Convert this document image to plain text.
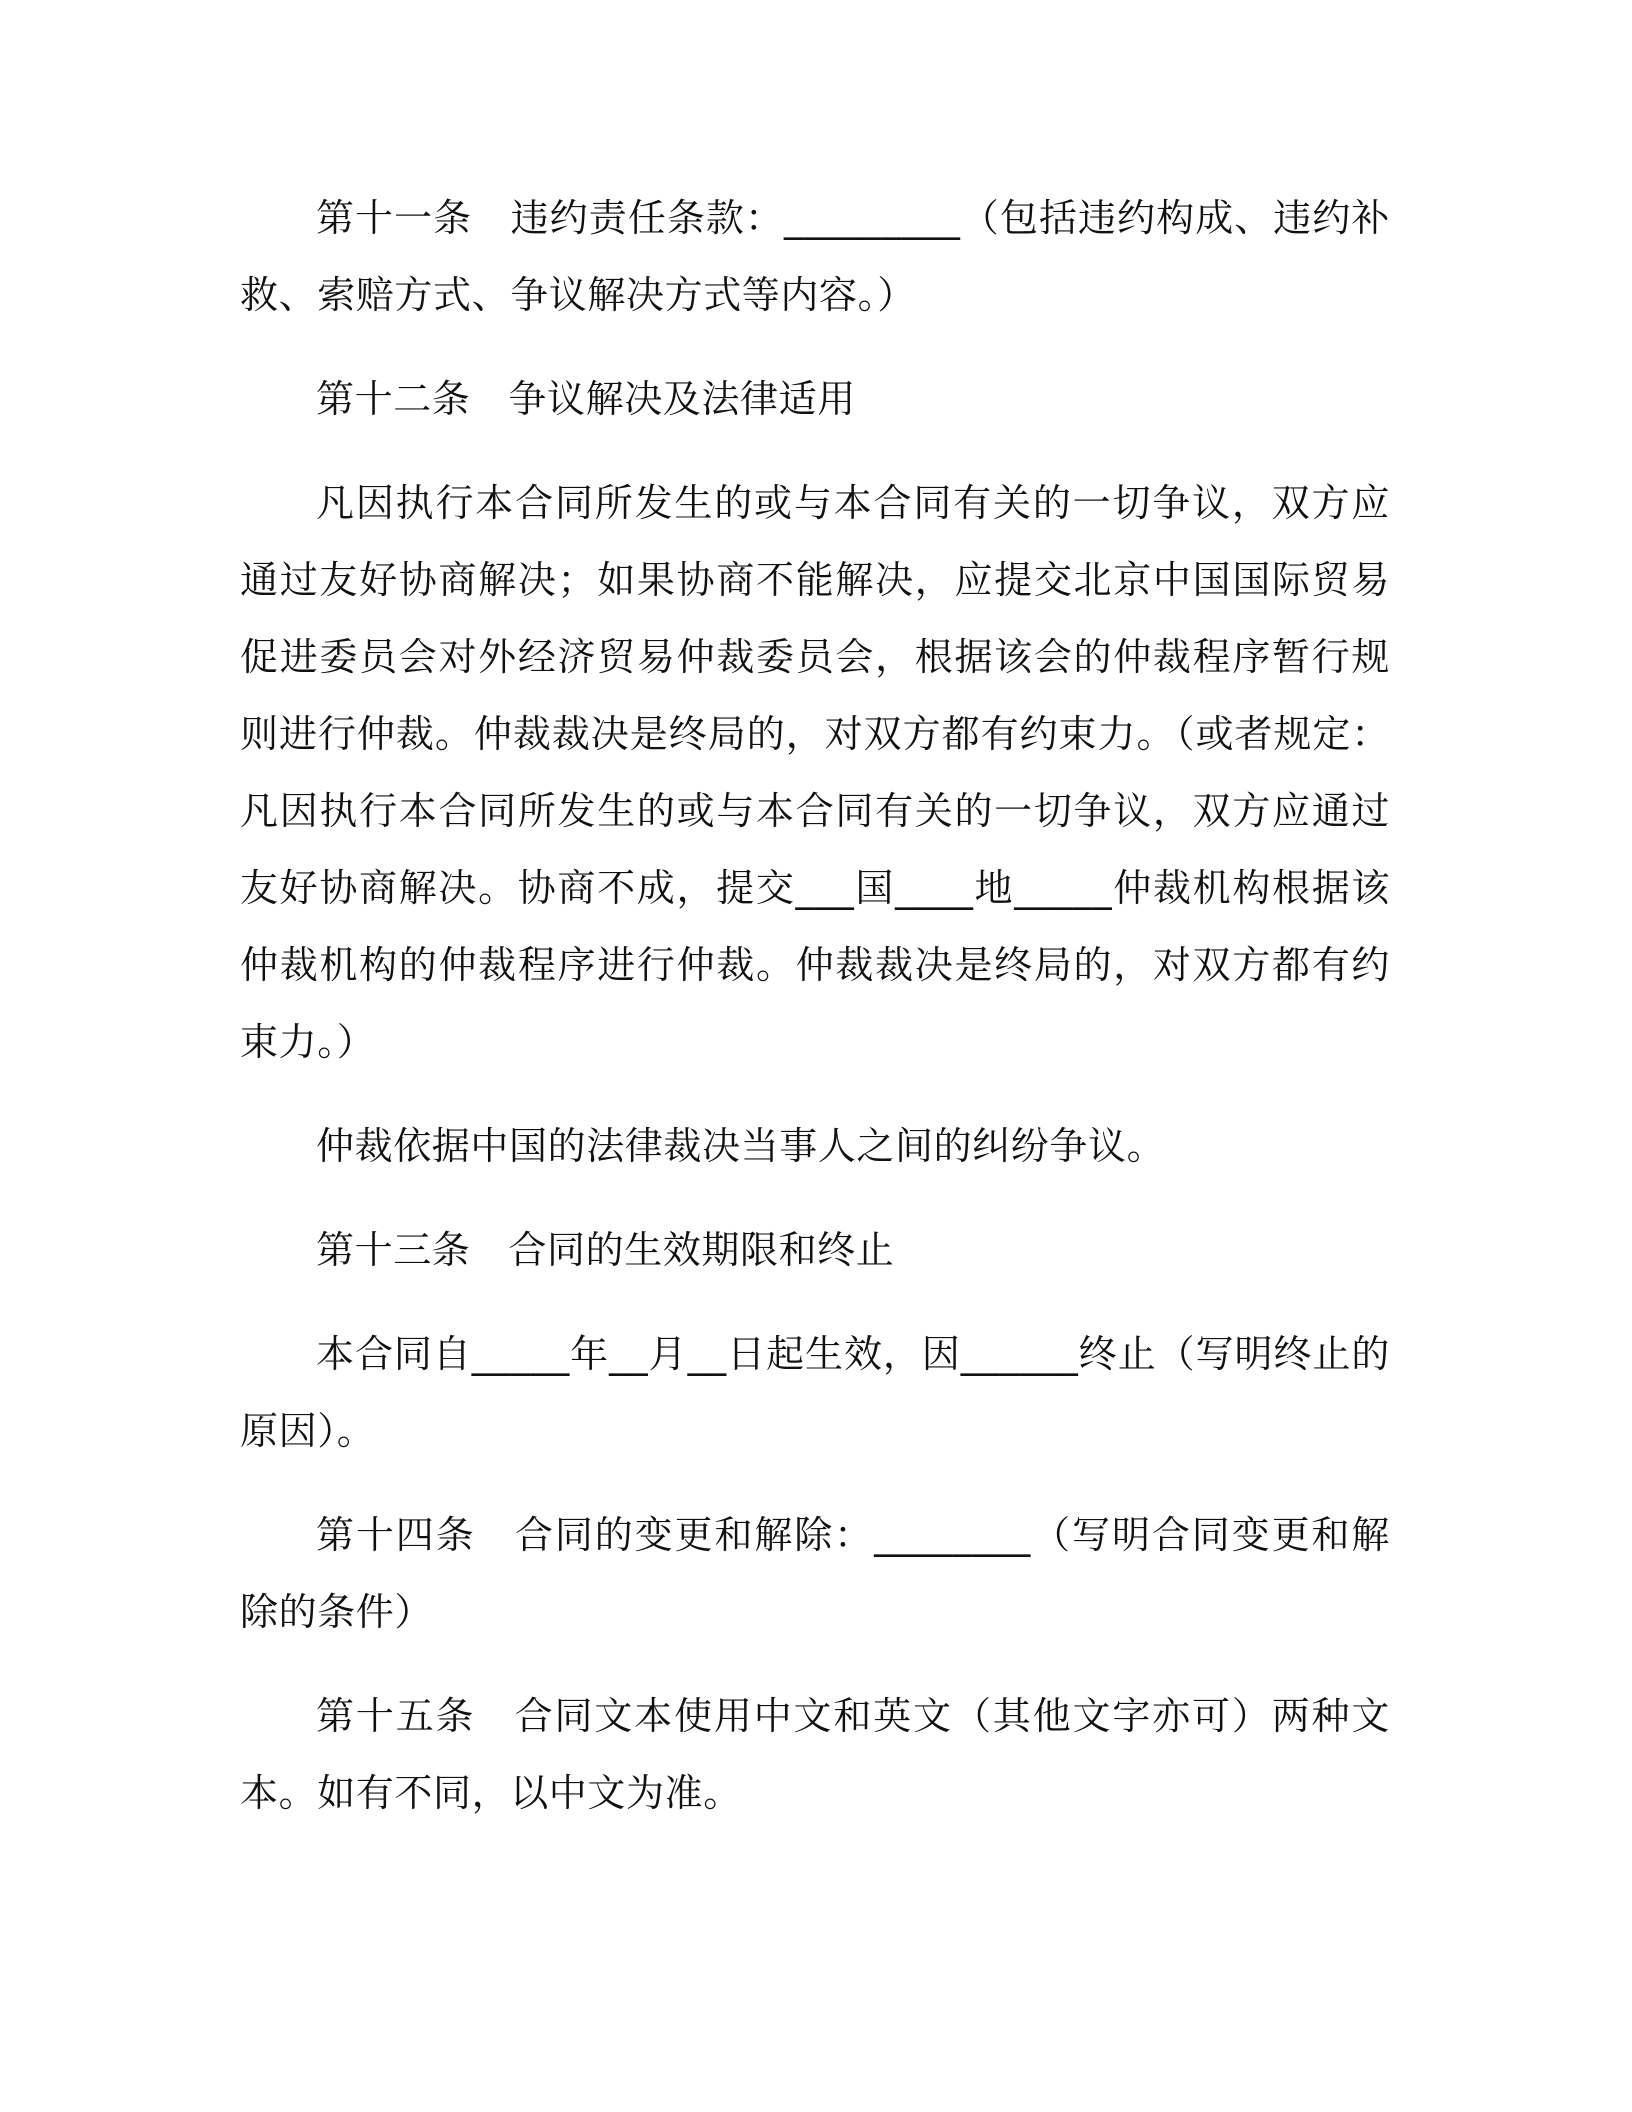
第十一条 违约责任条款：_________（包括违约构成、违约补救、索赔方式、争议解决方式等内容。）

第十二条 争议解决及法律适用

凡因执行本合同所发生的或与本合同有关的一切争议，双方应通过友好协商解决；如果协商不能解决，应提交北京中国国际贸易促进委员会对外经济贸易仲裁委员会，根据该会的仲裁程序暂行规则进行仲裁。仲裁裁决是终局的，对双方都有约束力。（或者规定：凡因执行本合同所发生的或与本合同有关的一切争议，双方应通过友好协商解决。协商不成，提交___国____地_____仲裁机构根据该仲裁机构的仲裁程序进行仲裁。仲裁裁决是终局的，对双方都有约束力。）

仲裁依据中国的法律裁决当事人之间的纠纷争议。

第十三条 合同的生效期限和终止

本合同自_____年__月__日起生效，因______终止（写明终止的原因）。

第十四条 合同的变更和解除：________（写明合同变更和解除的条件）

第十五条 合同文本使用中文和英文（其他文字亦可）两种文本。如有不同，以中文为准。
